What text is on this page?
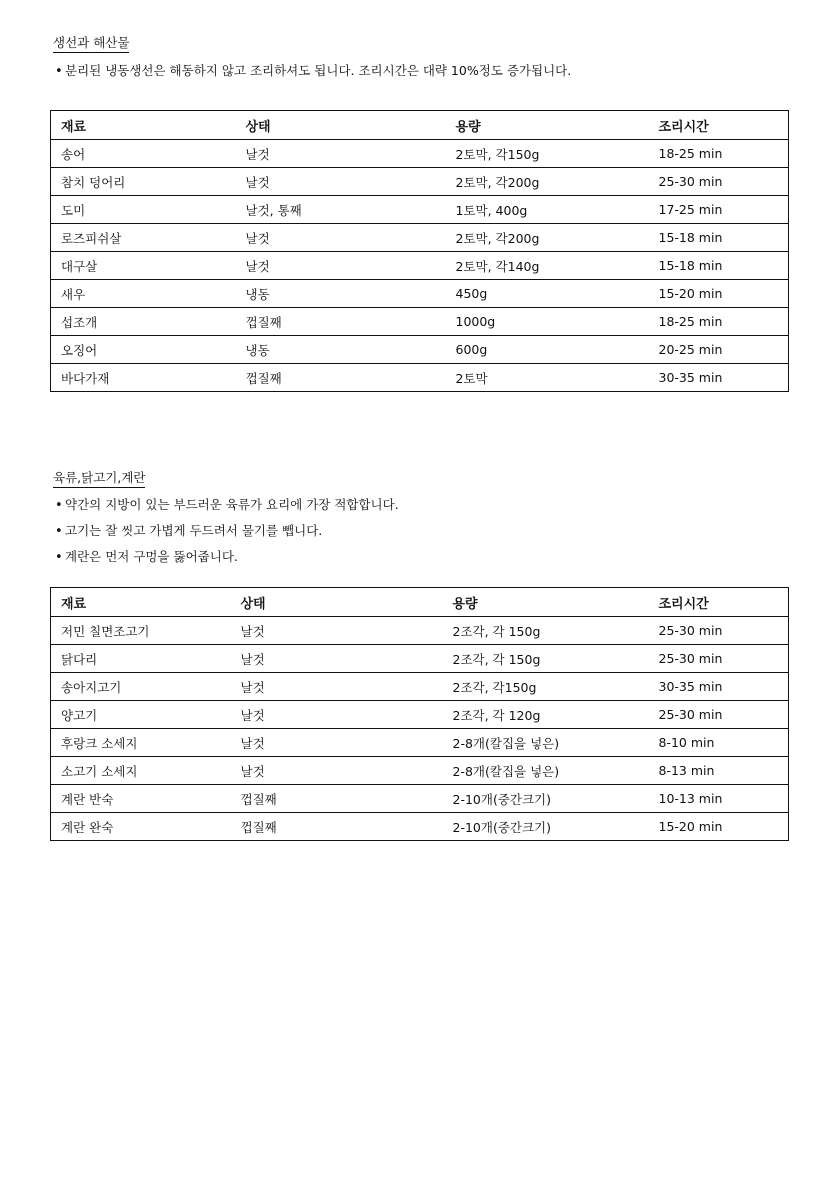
생선과 해산물
• 분리된 냉동생선은 해동하지 않고 조리하셔도 됩니다. 조리시간은 대략 10%정도 증가됩니다.
재료	상태	용량	조리시간
송어	날것	2토막, 각150g	18-25 min
참치 덩어리	날것	2토막, 각200g	25-30 min
도미	날것, 통째	1토막, 400g	17-25 min
로즈피쉬살	날것	2토막, 각200g	15-18 min
대구살	날것	2토막, 각140g	15-18 min
새우	냉동	450g	15-20 min
섭조개	껍질째	1000g	18-25 min
오징어	냉동	600g	20-25 min
바다가재	껍질째	2토막	30-35 min
육류,닭고기,계란
• 약간의 지방이 있는 부드러운 육류가 요리에 가장 적합합니다.
• 고기는 잘 씻고 가볍게 두드려서 물기를 뺍니다.
• 계란은 먼저 구멍을 뚫어줍니다.
재료	상태	용량	조리시간
저민 칠면조고기	날것	2조각, 각 150g	25-30 min
닭다리	날것	2조각, 각 150g	25-30 min
송아지고기	날것	2조각, 각150g	30-35 min
양고기	날것	2조각, 각 120g	25-30 min
후랑크 소세지	날것	2-8개(칼집을 넣은)	8-10 min
소고기 소세지	날것	2-8개(칼집을 넣은)	8-13 min
계란 반숙	껍질째	2-10개(중간크기)	10-13 min
계란 완숙	껍질째	2-10개(중간크기)	15-20 min
